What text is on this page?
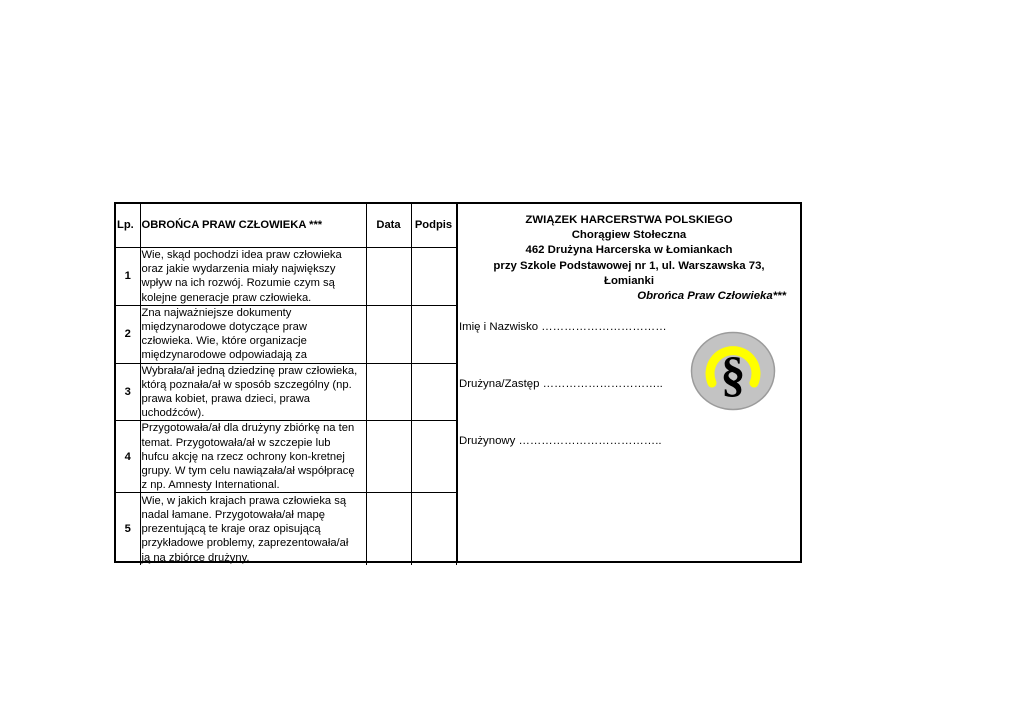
Lp.	OBROŃCA PRAW CZŁOWIEKA ***	Data	Podpis
1	Wie, skąd pochodzi idea praw człowieka
oraz jakie wydarzenia miały największy
wpływ na ich rozwój. Rozumie czym są
kolejne generacje praw człowieka.		

2	Zna najważniejsze dokumenty
międzynarodowe dotyczące praw
człowieka. Wie, które organizacje
międzynarodowe odpowiadają za		

3	Wybrała/ał jedną dziedzinę praw człowieka,
którą poznała/ał w sposób szczególny (np.
prawa kobiet, prawa dzieci, prawa
uchodźców).		

4	Przygotowała/ał dla drużyny zbiórkę na ten
temat. Przygotowała/ał w szczepie lub
hufcu akcję na rzecz ochrony kon-kretnej
grupy. W tym celu nawiązała/ał współpracę
z np. Amnesty International.		

5	Wie, w jakich krajach prawa człowieka są
nadal łamane. Przygotowała/ał mapę
prezentującą te kraje oraz opisującą
przykładowe problemy, zaprezentowała/ał
ją na zbiórce drużyny.		

ZWIĄZEK HARCERSTWA POLSKIEGO
Chorągiew Stołeczna
462 Drużyna Harcerska w Łomiankach
przy Szkole Podstawowej nr 1, ul. Warszawska 73,
Łomianki
Obrońca Praw Człowieka***
Imię i Nazwisko ……………………………
Drużyna/Zastęp …………………………..
Drużynowy ………………………………..
§
